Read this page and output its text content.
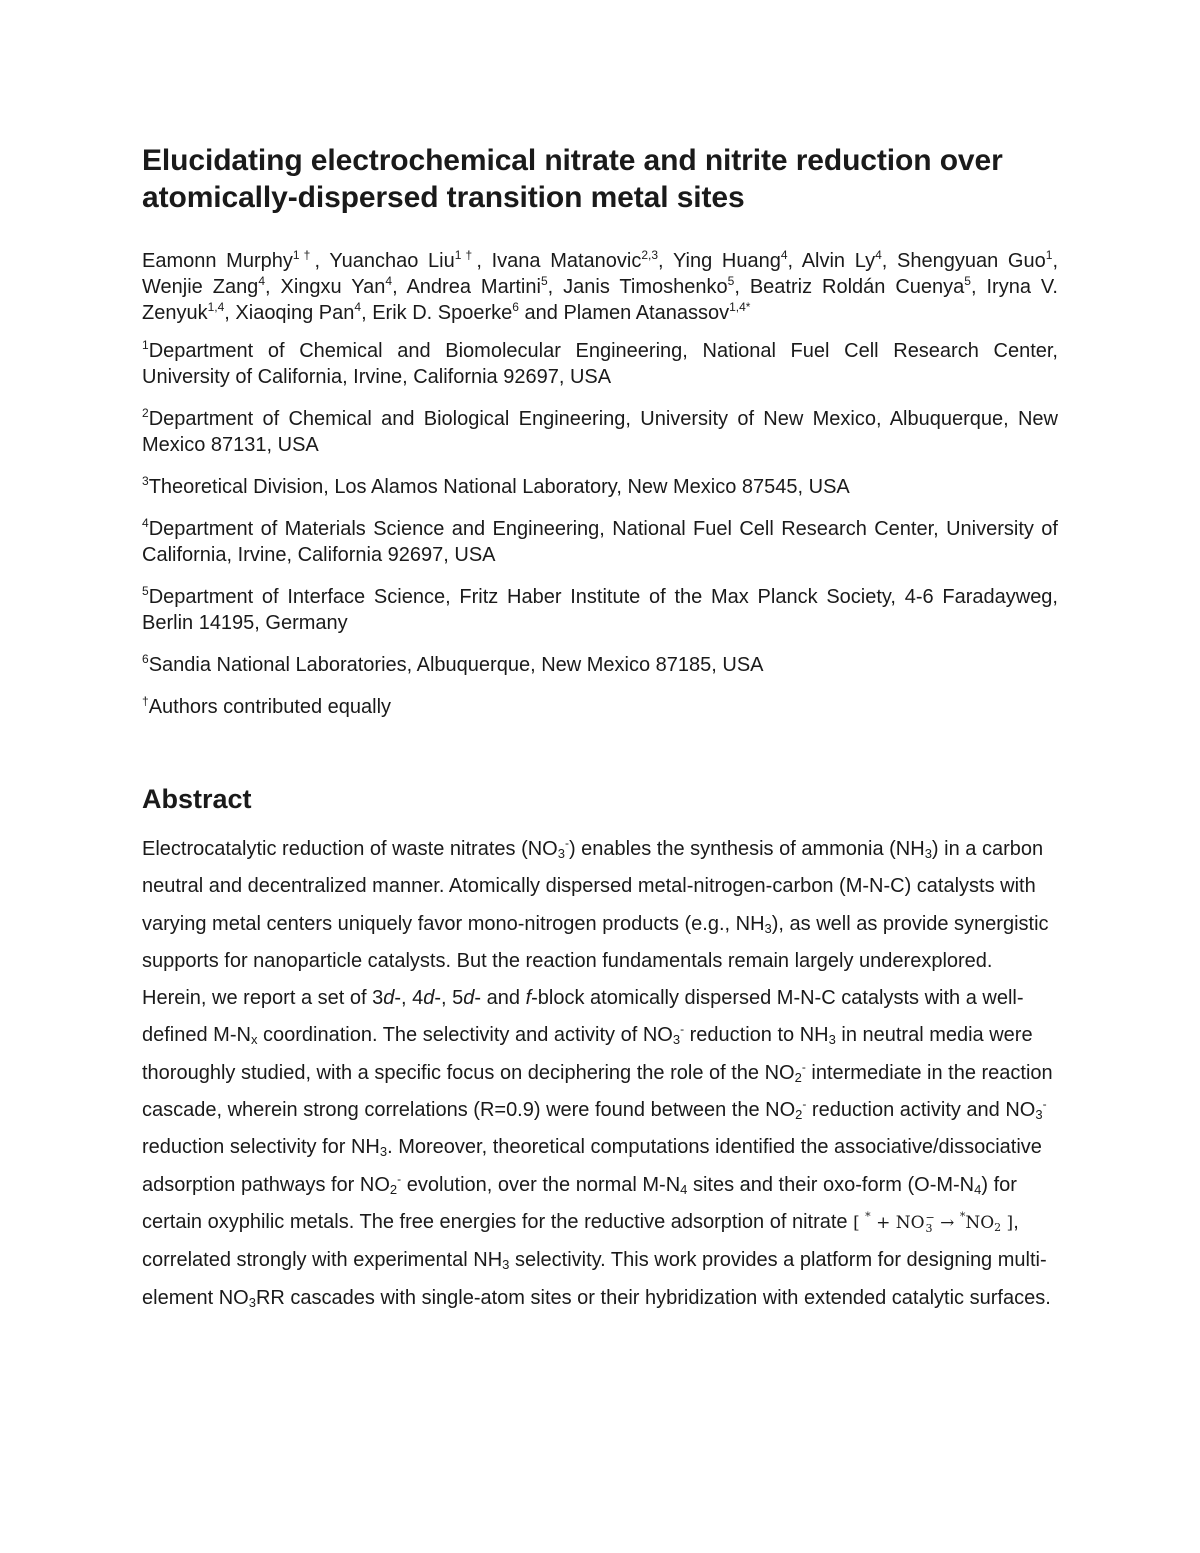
Elucidating electrochemical nitrate and nitrite reduction over atomically-dispersed transition metal sites

Eamonn Murphy$^{1\dagger}$, Yuanchao Liu$^{1\dagger}$, Ivana Matanovic$^{2,3}$, Ying Huang$^4$, Alvin Ly$^4$, Shengyuan Guo$^1$, Wenjie Zang$^4$, Xingxu Yan$^4$, Andrea Martini$^5$, Janis Timoshenko$^5$, Beatriz Roldán Cuenya$^5$, Iryna V. Zenyuk$^{1,4}$, Xiaoqing Pan$^4$, Erik D. Spoerke$^6$ and Plamen Atanassov$^{1,4*}$

$^1$Department of Chemical and Biomolecular Engineering, National Fuel Cell Research Center, University of California, Irvine, California 92697, USA

$^2$Department of Chemical and Biological Engineering, University of New Mexico, Albuquerque, New Mexico 87131, USA

$^3$Theoretical Division, Los Alamos National Laboratory, New Mexico 87545, USA

$^4$Department of Materials Science and Engineering, National Fuel Cell Research Center, University of California, Irvine, California 92697, USA

$^5$Department of Interface Science, Fritz Haber Institute of the Max Planck Society, 4-6 Faradayweg, Berlin 14195, Germany

$^6$Sandia National Laboratories, Albuquerque, New Mexico 87185, USA

†Authors contributed equally

Abstract

Electrocatalytic reduction of waste nitrates $(NO_3^-)$ enables the synthesis of ammonia $(NH_3)$ in a carbon neutral and decentralized manner. Atomically dispersed metal-nitrogen-carbon (M-N-C) catalysts with varying metal centers uniquely favor mono-nitrogen products (e.g., $NH_3$), as well as provide synergistic supports for nanoparticle catalysts. But the reaction fundamentals remain largely underexplored. Herein, we report a set of 3d-, 4d-, 5d- and f-block atomically dispersed M-N-C catalysts with a well-defined $M-N_x$ coordination. The selectivity and activity of $NO_3^-$ reduction to $NH_3$ in neutral media were thoroughly studied, with a specific focus on deciphering the role of the $NO_2^-$ intermediate in the reaction cascade, wherein strong correlations (R=0.9) were found between the $NO_2^-$ reduction activity and $NO_3^-$ reduction selectivity for $NH_3$. Moreover, theoretical computations identified the associative/dissociative adsorption pathways for $NO_2^-$ evolution, over the normal $M-N_4$ sites and their oxo-form $(O-M-N_4)$ for certain oxyphilic metals. The free energies for the reductive adsorption of nitrate [ * + NO −
$3 \to ^*NO_2$ ], correlated strongly with experimental $NH_3$ selectivity. This work provides a platform for designing multi-element $NO_3RR$ cascades with single-atom sites or their hybridization with extended catalytic surfaces.
